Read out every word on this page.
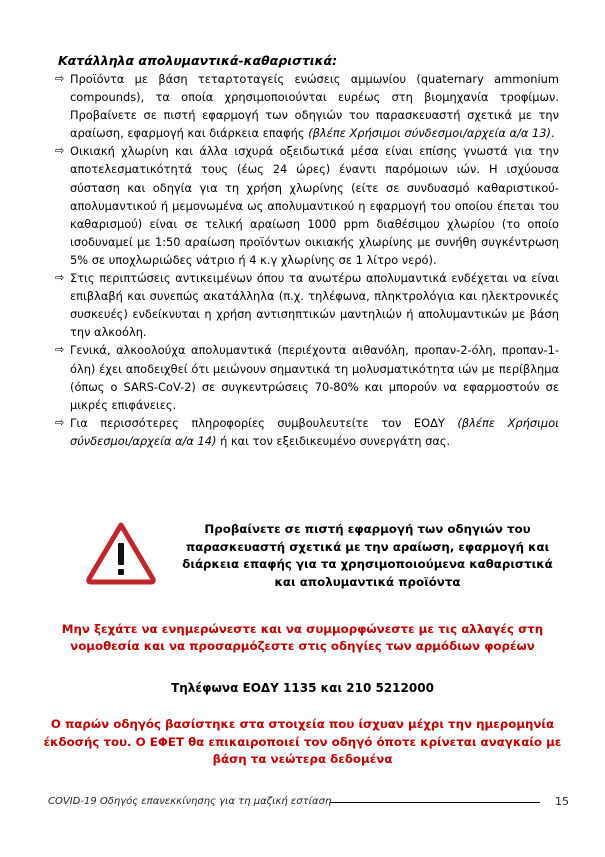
Κατάλληλα απολυμαντικά-καθαριστικά:
⇨ Προϊόντα με βάση τεταρτοταγείς ενώσεις αμμωνίου (quaternary ammonium compounds), τα οποία χρησιμοποιούνται ευρέως στη βιομηχανία τροφίμων. Προβαίνετε σε πιστή εφαρμογή των οδηγιών του παρασκευαστή σχετικά με την αραίωση, εφαρμογή και διάρκεια επαφής (βλέπε Χρήσιμοι σύνδεσμοι/αρχεία α/α 13).
⇨ Οικιακή χλωρίνη και άλλα ισχυρά οξειδωτικά μέσα είναι επίσης γνωστά για την αποτελεσματικότητά τους (έως 24 ώρες) έναντι παρόμοιων ιών. Η ισχύουσα σύσταση και οδηγία για τη χρήση χλωρίνης (είτε σε συνδυασμό καθαριστικού-απολυμαντικού ή μεμονωμένα ως απολυμαντικού η εφαρμογή του οποίου έπεται του καθαρισμού) είναι σε τελική αραίωση 1000 ppm διαθέσιμου χλωρίου (το οποίο ισοδυναμεί με 1:50 αραίωση προϊόντων οικιακής χλωρίνης με συνήθη συγκέντρωση 5% σε υποχλωριώδες νάτριο ή 4 κ.γ χλωρίνης σε 1 λίτρο νερό).
⇨ Στις περιπτώσεις αντικειμένων όπου τα ανωτέρω απολυμαντικά ενδέχεται να είναι επιβλαβή και συνεπώς ακατάλληλα (π.χ. τηλέφωνα, πληκτρολόγια και ηλεκτρονικές συσκευές) ενδείκνυται η χρήση αντισηπτικών μαντηλιών ή απολυμαντικών με βάση την αλκοόλη.
⇨ Γενικά, αλκοολούχα απολυμαντικά (περιέχοντα αιθανόλη, προπαν-2-όλη, προπαν-1-όλη) έχει αποδειχθεί ότι μειώνουν σημαντικά τη μολυσματικότητα ιών με περίβλημα (όπως ο SARS-CoV-2) σε συγκεντρώσεις 70-80% και μπορούν να εφαρμοστούν σε μικρές επιφάνειες.
⇨ Για περισσότερες πληροφορίες συμβουλευτείτε τον ΕΟΔΥ (βλέπε Χρήσιμοι σύνδεσμοι/αρχεία α/α 14) ή και τον εξειδικευμένο συνεργάτη σας.
Προβαίνετε σε πιστή εφαρμογή των οδηγιών του παρασκευαστή σχετικά με την αραίωση, εφαρμογή και διάρκεια επαφής για τα χρησιμοποιούμενα καθαριστικά και απολυμαντικά προϊόντα
Μην ξεχάτε να ενημερώνεστε και να συμμορφώνεστε με τις αλλαγές στη νομοθεσία και να προσαρμόζεστε στις οδηγίες των αρμόδιων φορέων
Τηλέφωνα ΕΟΔΥ 1135 και 210 5212000
Ο παρών οδηγός βασίστηκε στα στοιχεία που ίσχυαν μέχρι την ημερομηνία έκδοσής του. Ο ΕΦΕΤ θα επικαιροποιεί τον οδηγό όποτε κρίνεται αναγκαίο με βάση τα νεώτερα δεδομένα
COVID-19 Οδηγός επανεκκίνησης για τη μαζική εστίαση	15
